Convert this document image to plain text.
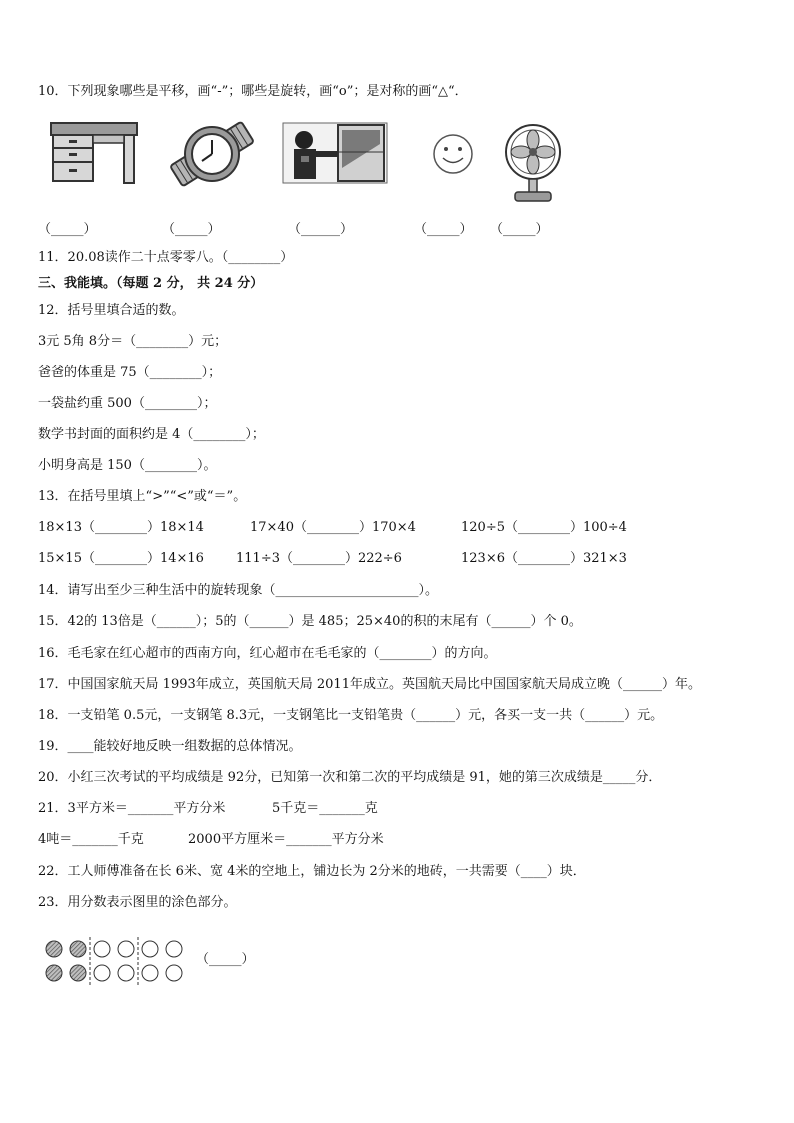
10．下列现象哪些是平移，画“-”；哪些是旋转，画“o”；是对称的画“△“．
（_____）	（_____）	（______）	（_____） （_____）
11．20.08读作二十点零零八。（________）
三、我能填。（每题 2 分， 共 24 分）
12．括号里填合适的数。
3元 5角 8分＝（________）元；
爸爸的体重是 75（________）；
一袋盐约重 500（________）；
数学书封面的面积约是 4（________）；
小明身高是 150（________）。
13．在括号里填上“>”“<”或“＝”。
18×13（________）18×14	17×40（________）170×4	120÷5（________）100÷4
15×15（________）14×16 111÷3（________）222÷6	123×6（________）321×3
14．请写出至少三种生活中的旋转现象（______________________）。
15．42的 13倍是（______）；5的（______）是 485；25×40的积的末尾有（______）个 0。
16．毛毛家在红心超市的西南方向，红心超市在毛毛家的（________）的方向。
17．中国国家航天局 1993年成立，英国航天局 2011年成立。英国航天局比中国国家航天局成立晚（______）年。
18．一支铅笔 0.5元，一支钢笔 8.3元，一支钢笔比一支铅笔贵（______）元，各买一支一共（______）元。
19．____能较好地反映一组数据的总体情况。
20．小红三次考试的平均成绩是 92分，已知第一次和第二次的平均成绩是 91，她的第三次成绩是_____分．
21．3平方米＝_______平方分米	5千克＝_______克
4吨＝_______千克	2000平方厘米＝_______平方分米
22．工人师傅准备在长 6米、宽 4米的空地上，铺边长为 2分米的地砖，一共需要（____）块．
23．用分数表示图里的涂色部分。
（_____）
